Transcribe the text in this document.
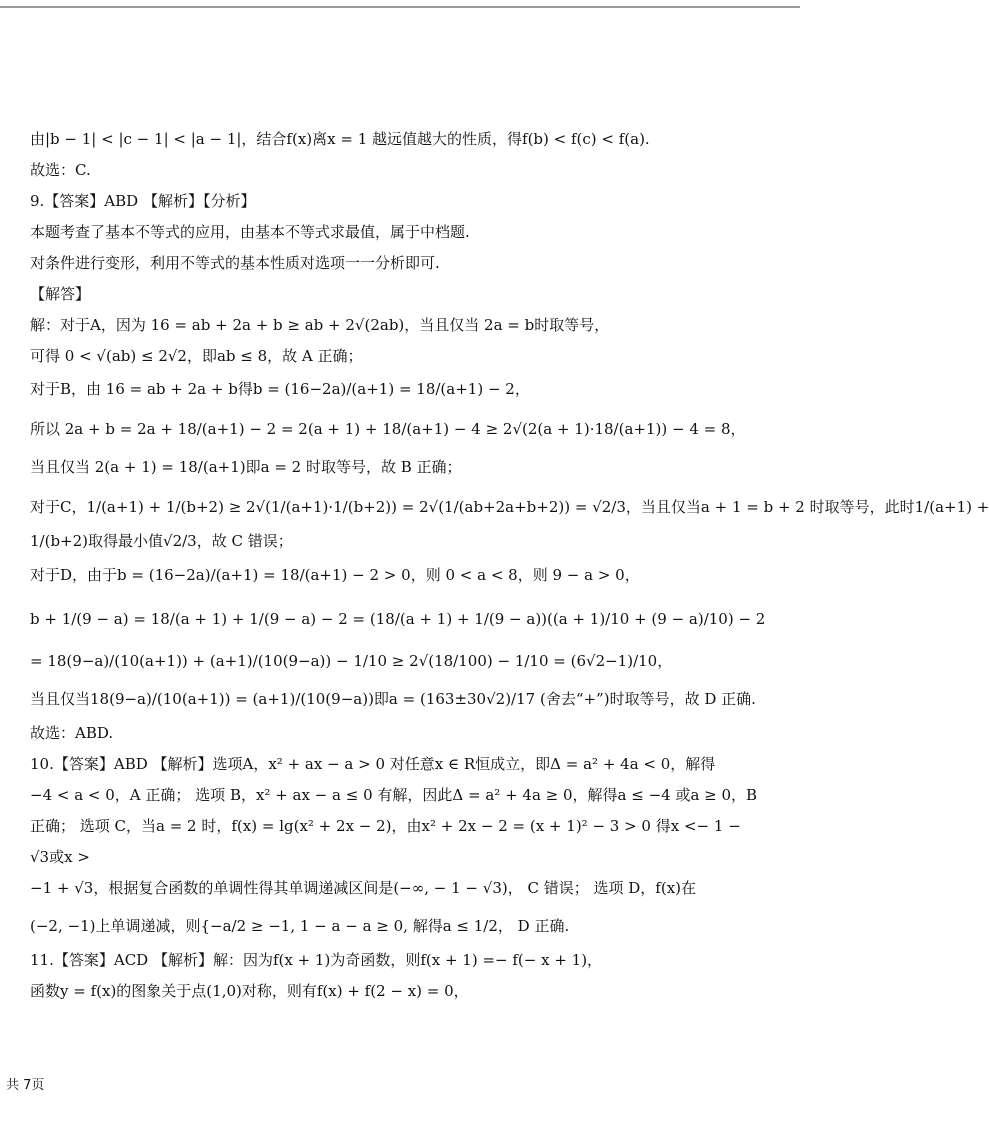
由|b − 1| < |c − 1| < |a − 1|，结合f(x)离x = 1 越远值越大的性质，得f(b) < f(c) < f(a).

故选：C.

9.【答案】ABD 【解析】【分析】

本题考查了基本不等式的应用，由基本不等式求最值，属于中档题.

对条件进行变形，利用不等式的基本性质对选项一一分析即可.

【解答】

解：对于A，因为 16 = ab + 2a + b ≥ ab + 2√(2ab)，当且仅当 2a = b时取等号，

可得 0 < √(ab) ≤ 2√2，即ab ≤ 8，故 A 正确；

对于B，由 16 = ab + 2a + b得b = (16−2a)/(a+1) = 18/(a+1) − 2，

所以 2a + b = 2a + 18/(a+1) − 2 = 2(a + 1) + 18/(a+1) − 4 ≥ 2√(2(a + 1)·18/(a+1)) − 4 = 8，

当且仅当 2(a + 1) = 18/(a+1)即a = 2 时取等号，故 B 正确；

对于C，1/(a+1) + 1/(b+2) ≥ 2√(1/(a+1)·1/(b+2)) = 2√(1/(ab+2a+b+2)) = √2/3，当且仅当a + 1 = b + 2 时取等号，此时1/(a+1) +

1/(b+2)取得最小值√2/3，故 C 错误；

对于D，由于b = (16−2a)/(a+1) = 18/(a+1) − 2 > 0，则 0 < a < 8，则 9 − a > 0，

b + 1/(9 − a) = 18/(a + 1) + 1/(9 − a) − 2 = (18/(a + 1) + 1/(9 − a))((a + 1)/10 + (9 − a)/10) − 2

= 18(9−a)/(10(a+1)) + (a+1)/(10(9−a)) − 1/10 ≥ 2√(18/100) − 1/10 = (6√2−1)/10，

当且仅当18(9−a)/(10(a+1)) = (a+1)/(10(9−a))即a = (163±30√2)/17 (舍去“+”)时取等号，故 D 正确.

故选：ABD.

10.【答案】ABD 【解析】选项A，x² + ax − a > 0 对任意x ∈ R恒成立，即Δ = a² + 4a < 0，解得

−4 < a < 0，A 正确； 选项 B，x² + ax − a ≤ 0 有解，因此Δ = a² + 4a ≥ 0，解得a ≤ −4 或a ≥ 0，B

正确； 选项 C，当a = 2 时，f(x) = lg(x² + 2x − 2)，由x² + 2x − 2 = (x + 1)² − 3 > 0 得x <− 1 −

√3或x >

−1 + √3，根据复合函数的单调性得其单调递减区间是(−∞, − 1 − √3)， C 错误； 选项 D，f(x)在

(−2, −1)上单调递减，则{−a/2 ≥ −1, 1 − a − a ≥ 0, 解得a ≤ 1/2， D 正确.

11.【答案】ACD 【解析】解：因为f(x + 1)为奇函数，则f(x + 1) =− f(− x + 1)，

函数y = f(x)的图象关于点(1,0)对称，则有f(x) + f(2 − x) = 0，

共 7页
